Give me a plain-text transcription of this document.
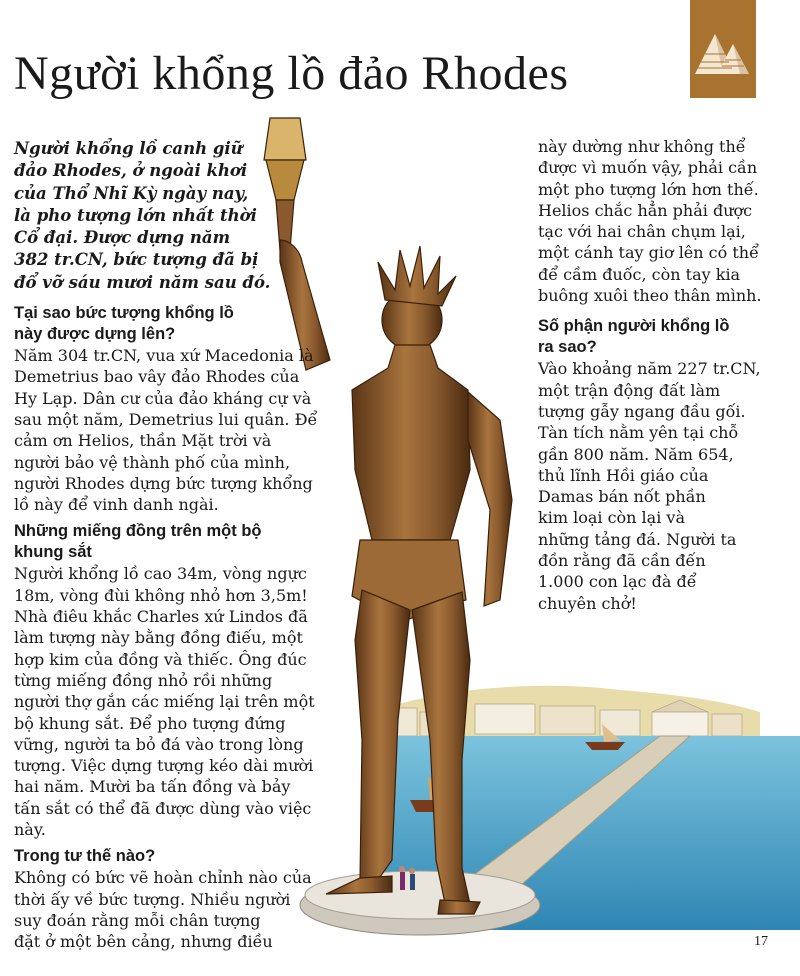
Người khổng lồ đảo Rhodes

Người khổng lồ canh giữ
đảo Rhodes, ở ngoài khơi
của Thổ Nhĩ Kỳ ngày nay,
là pho tượng lớn nhất thời
Cổ đại. Được dựng năm
382 tr.CN, bức tượng đã bị
đổ vỡ sáu mươi năm sau đó.

Tại sao bức tượng khổng lồ
này được dựng lên?

Năm 304 tr.CN, vua xứ Macedonia là
Demetrius bao vây đảo Rhodes của
Hy Lạp. Dân cư của đảo kháng cự và
sau một năm, Demetrius lui quân. Để
cảm ơn Helios, thần Mặt trời và
người bảo vệ thành phố của mình,
người Rhodes dựng bức tượng khổng
lồ này để vinh danh ngài.

Những miếng đồng trên một bộ
khung sắt

Người khổng lồ cao 34m, vòng ngực
18m, vòng đùi không nhỏ hơn 3,5m!
Nhà điêu khắc Charles xứ Lindos đã
làm tượng này bằng đồng điếu, một
hợp kim của đồng và thiếc. Ông đúc
từng miếng đồng nhỏ rồi những
người thợ gắn các miếng lại trên một
bộ khung sắt. Để pho tượng đứng
vững, người ta bỏ đá vào trong lòng
tượng. Việc dựng tượng kéo dài mười
hai năm. Mười ba tấn đồng và bảy
tấn sắt có thể đã được dùng vào việc
này.

Trong tư thế nào?

Không có bức vẽ hoàn chỉnh nào của
thời ấy về bức tượng. Nhiều người
suy đoán rằng mỗi chân tượng
đặt ở một bên cảng, nhưng điều

này dường như không thể
được vì muốn vậy, phải cần
một pho tượng lớn hơn thế.
Helios chắc hẳn phải được
tạc với hai chân chụm lại,
một cánh tay giơ lên có thể
để cầm đuốc, còn tay kia
buông xuôi theo thân mình.

Số phận người khổng lồ
ra sao?

Vào khoảng năm 227 tr.CN,
một trận động đất làm
tượng gẫy ngang đầu gối.
Tàn tích nằm yên tại chỗ
gần 800 năm. Năm 654,
thủ lĩnh Hồi giáo của
Damas bán nốt phần
kim loại còn lại và
những tảng đá. Người ta
đồn rằng đã cần đến
1.000 con lạc đà để
chuyên chở!

17
